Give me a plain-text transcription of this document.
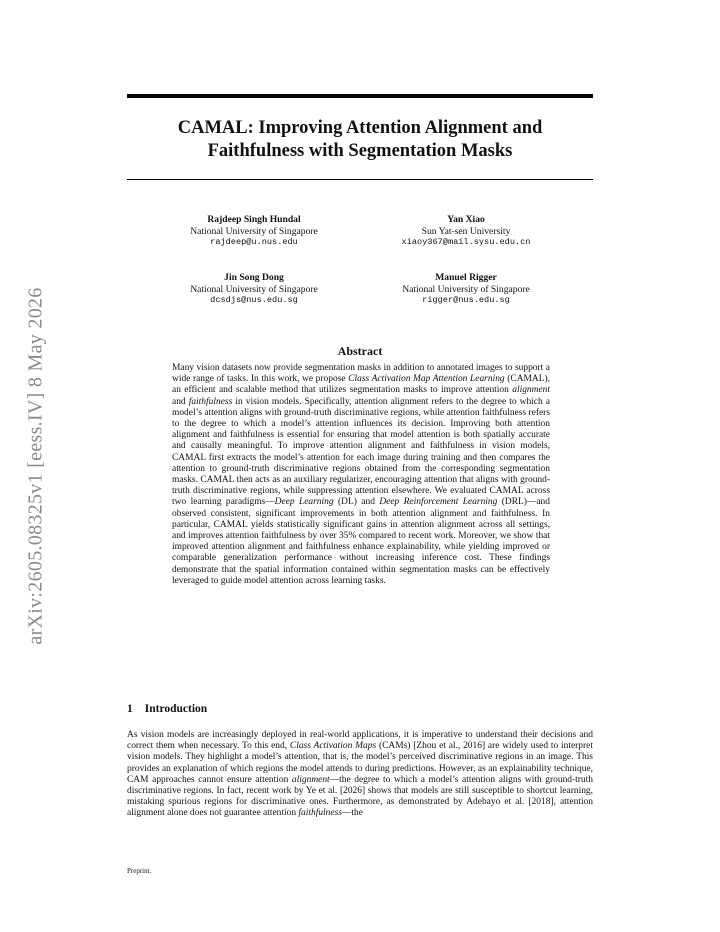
arXiv:2605.08325v1 [eess.IV] 8 May 2026
CAMAL: Improving Attention Alignment and
Faithfulness with Segmentation Masks
Rajdeep Singh Hundal
National University of Singapore
rajdeep@u.nus.edu
Yan Xiao
Sun Yat-sen University
xiaoy367@mail.sysu.edu.cn
Jin Song Dong
National University of Singapore
dcsdjs@nus.edu.sg
Manuel Rigger
National University of Singapore
rigger@nus.edu.sg
Abstract

Many vision datasets now provide segmentation masks in addition to annotated images to support a wide range of tasks. In this work, we propose Class Activation Map Attention Learning (CAMAL), an efficient and scalable method that utilizes segmentation masks to improve attention alignment and faithfulness in vision models. Specifically, attention alignment refers to the degree to which a model’s attention aligns with ground-truth discriminative regions, while attention faithfulness refers to the degree to which a model’s attention influences its decision. Improving both attention alignment and faithfulness is essential for ensuring that model attention is both spatially accurate and causally meaningful. To improve attention alignment and faithfulness in vision models, CAMAL first extracts the model’s attention for each image during training and then compares the attention to ground-truth discriminative regions obtained from the corresponding segmentation masks. CAMAL then acts as an auxiliary regularizer, encouraging attention that aligns with ground-truth discriminative regions, while suppressing attention elsewhere. We evaluated CAMAL across two learning paradigms—Deep Learning (DL) and Deep Reinforcement Learning (DRL)—and observed consistent, significant improvements in both attention alignment and faithfulness. In particular, CAMAL yields statistically significant gains in attention alignment across all settings, and improves attention faithfulness by over 35% compared to recent work. Moreover, we show that improved attention alignment and faithfulness enhance explainability, while yielding improved or comparable generalization performance without increasing inference cost. These findings demonstrate that the spatial information contained within segmentation masks can be effectively leveraged to guide model attention across learning tasks.

1 Introduction

As vision models are increasingly deployed in real-world applications, it is imperative to understand their decisions and correct them when necessary. To this end, Class Activation Maps (CAMs) [Zhou et al., 2016] are widely used to interpret vision models. They highlight a model’s attention, that is, the model’s perceived discriminative regions in an image. This provides an explanation of which regions the model attends to during predictions. However, as an explainability technique, CAM approaches cannot ensure attention alignment—the degree to which a model’s attention aligns with ground-truth discriminative regions. In fact, recent work by Ye et al. [2026] shows that models are still susceptible to shortcut learning, mistaking spurious regions for discriminative ones. Furthermore, as demonstrated by Adebayo et al. [2018], attention alignment alone does not guarantee attention faithfulness—the

Preprint.
